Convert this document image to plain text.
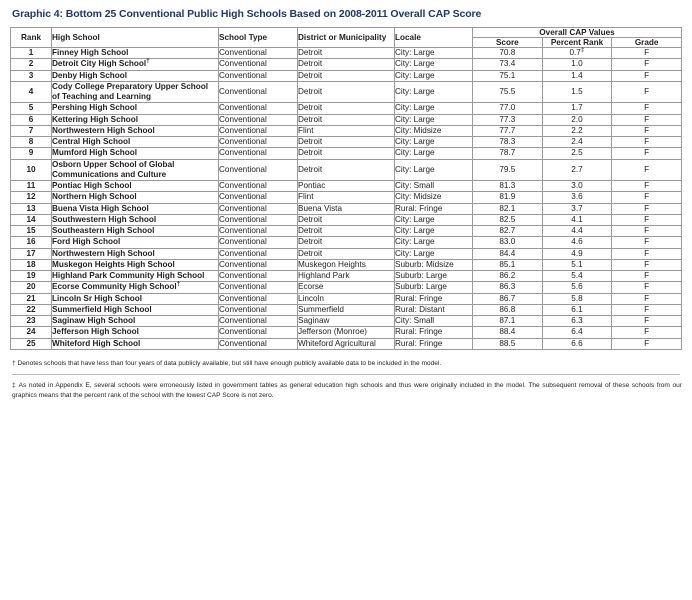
Graphic 4: Bottom 25 Conventional Public High Schools Based on 2008-2011 Overall CAP Score
Rank	High School	School Type	District or Municipality	Locale	Overall CAP Values		
					Score	Percent Rank	Grade
1	Finney High School	Conventional	Detroit	City: Large	70.8	0.7‡	F
2	Detroit City High School†	Conventional	Detroit	City: Large	73.4	1.0	F
3	Denby High School	Conventional	Detroit	City: Large	75.1	1.4	F
4	Cody College Preparatory Upper School of Teaching and Learning	Conventional	Detroit	City: Large	75.5	1.5	F
5	Pershing High School	Conventional	Detroit	City: Large	77.0	1.7	F
6	Kettering High School	Conventional	Detroit	City: Large	77.3	2.0	F
7	Northwestern High School	Conventional	Flint	City: Midsize	77.7	2.2	F
8	Central High School	Conventional	Detroit	City: Large	78.3	2.4	F
9	Mumford High School	Conventional	Detroit	City: Large	78.7	2.5	F
10	Osborn Upper School of Global Communications and Culture	Conventional	Detroit	City: Large	79.5	2.7	F
11	Pontiac High School	Conventional	Pontiac	City: Small	81.3	3.0	F
12	Northern High School	Conventional	Flint	City: Midsize	81.9	3.6	F
13	Buena Vista High School	Conventional	Buena Vista	Rural: Fringe	82.1	3.7	F
14	Southwestern High School	Conventional	Detroit	City: Large	82.5	4.1	F
15	Southeastern High School	Conventional	Detroit	City: Large	82.7	4.4	F
16	Ford High School	Conventional	Detroit	City: Large	83.0	4.6	F
17	Northwestern High School	Conventional	Detroit	City: Large	84.4	4.9	F
18	Muskegon Heights High School	Conventional	Muskegon Heights	Suburb: Midsize	85.1	5.1	F
19	Highland Park Community High School	Conventional	Highland Park	Suburb: Large	86.2	5.4	F
20	Ecorse Community High School†	Conventional	Ecorse	Suburb: Large	86.3	5.6	F
21	Lincoln Sr High School	Conventional	Lincoln	Rural: Fringe	86.7	5.8	F
22	Summerfield High School	Conventional	Summerfield	Rural: Distant	86.8	6.1	F
23	Saginaw High School	Conventional	Saginaw	City: Small	87.1	6.3	F
24	Jefferson High School	Conventional	Jefferson (Monroe)	Rural: Fringe	88.4	6.4	F
25	Whiteford High School	Conventional	Whiteford Agricultural	Rural: Fringe	88.5	6.6	F

† Denotes schools that have less than four years of data publicly available, but still have enough publicly available data to be included in the model.

‡ As noted in Appendix E, several schools were erroneously listed in government tables as general education high schools and thus were originally included in the model. The subsequent removal of these schools from our graphics means that the percent rank of the school with the lowest CAP Score is not zero.
